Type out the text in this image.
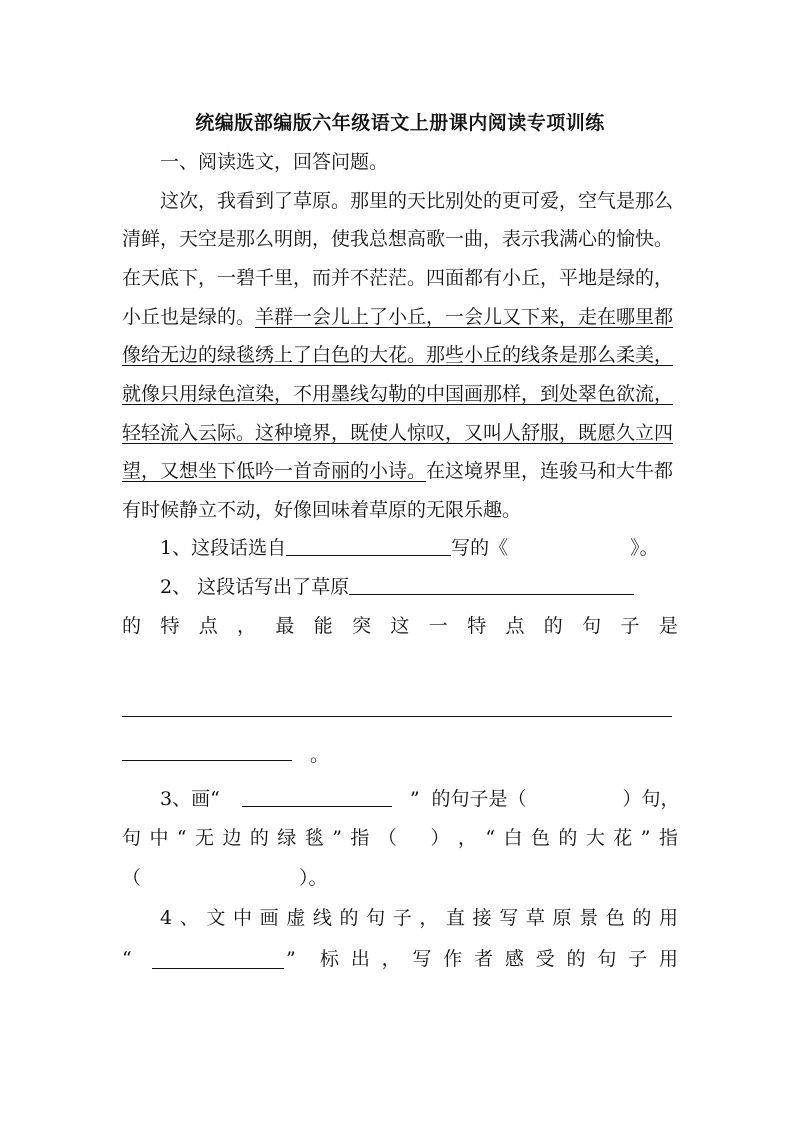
统编版部编版六年级语文上册课内阅读专项训练
一、阅读选文，回答问题。
这次，我看到了草原。那里的天比别处的更可爱，空气是那么
清鲜，天空是那么明朗，使我总想高歌一曲，表示我满心的愉快。
在天底下，一碧千里，而并不茫茫。四面都有小丘，平地是绿的，
小丘也是绿的。羊群一会儿上了小丘，一会儿又下来，走在哪里都
像给无边的绿毯绣上了白色的大花。那些小丘的线条是那么柔美，
就像只用绿色渲染，不用墨线勾勒的中国画那样，到处翠色欲流，
轻轻流入云际。这种境界，既使人惊叹，又叫人舒服，既愿久立四
望，又想坐下低吟一首奇丽的小诗。在这境界里，连骏马和大牛都
有时候静立不动，好像回味着草原的无限乐趣。
1、这段话选自	写的《	》。
2、 这段话写出了草原
的 特 点 ， 最 能 突 这 一 特 点 的 句 子 是
。
3、画“	” 的句子是（	）句，
句 中 “ 无 边 的 绿 毯 ” 指 （ ） ， “ 白 色 的 大 花 ” 指
（	）。
4 、 文 中 画 虚 线 的 句 子 ， 直 接 写 草 原 景 色 的 用
“	” 标 出 ， 写 作 者 感 受 的 句 子 用
